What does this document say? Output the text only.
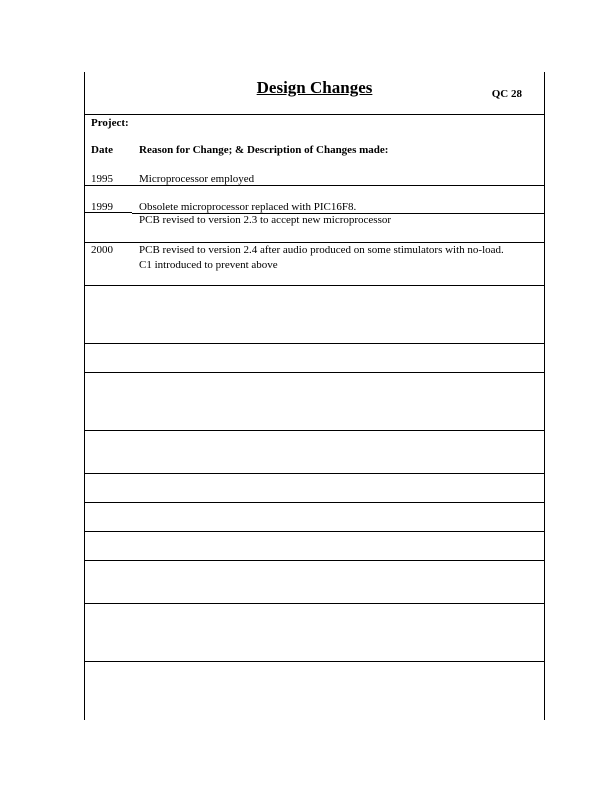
Design Changes	QC 28
Project:
Date Reason for Change; & Description of Changes made:
1995 Microprocessor employed
1999 Obsolete microprocessor replaced with PIC16F8.
PCB revised to version 2.3 to accept new microprocessor
2000 PCB revised to version 2.4 after audio produced on some stimulators with no-load.
C1 introduced to prevent above
